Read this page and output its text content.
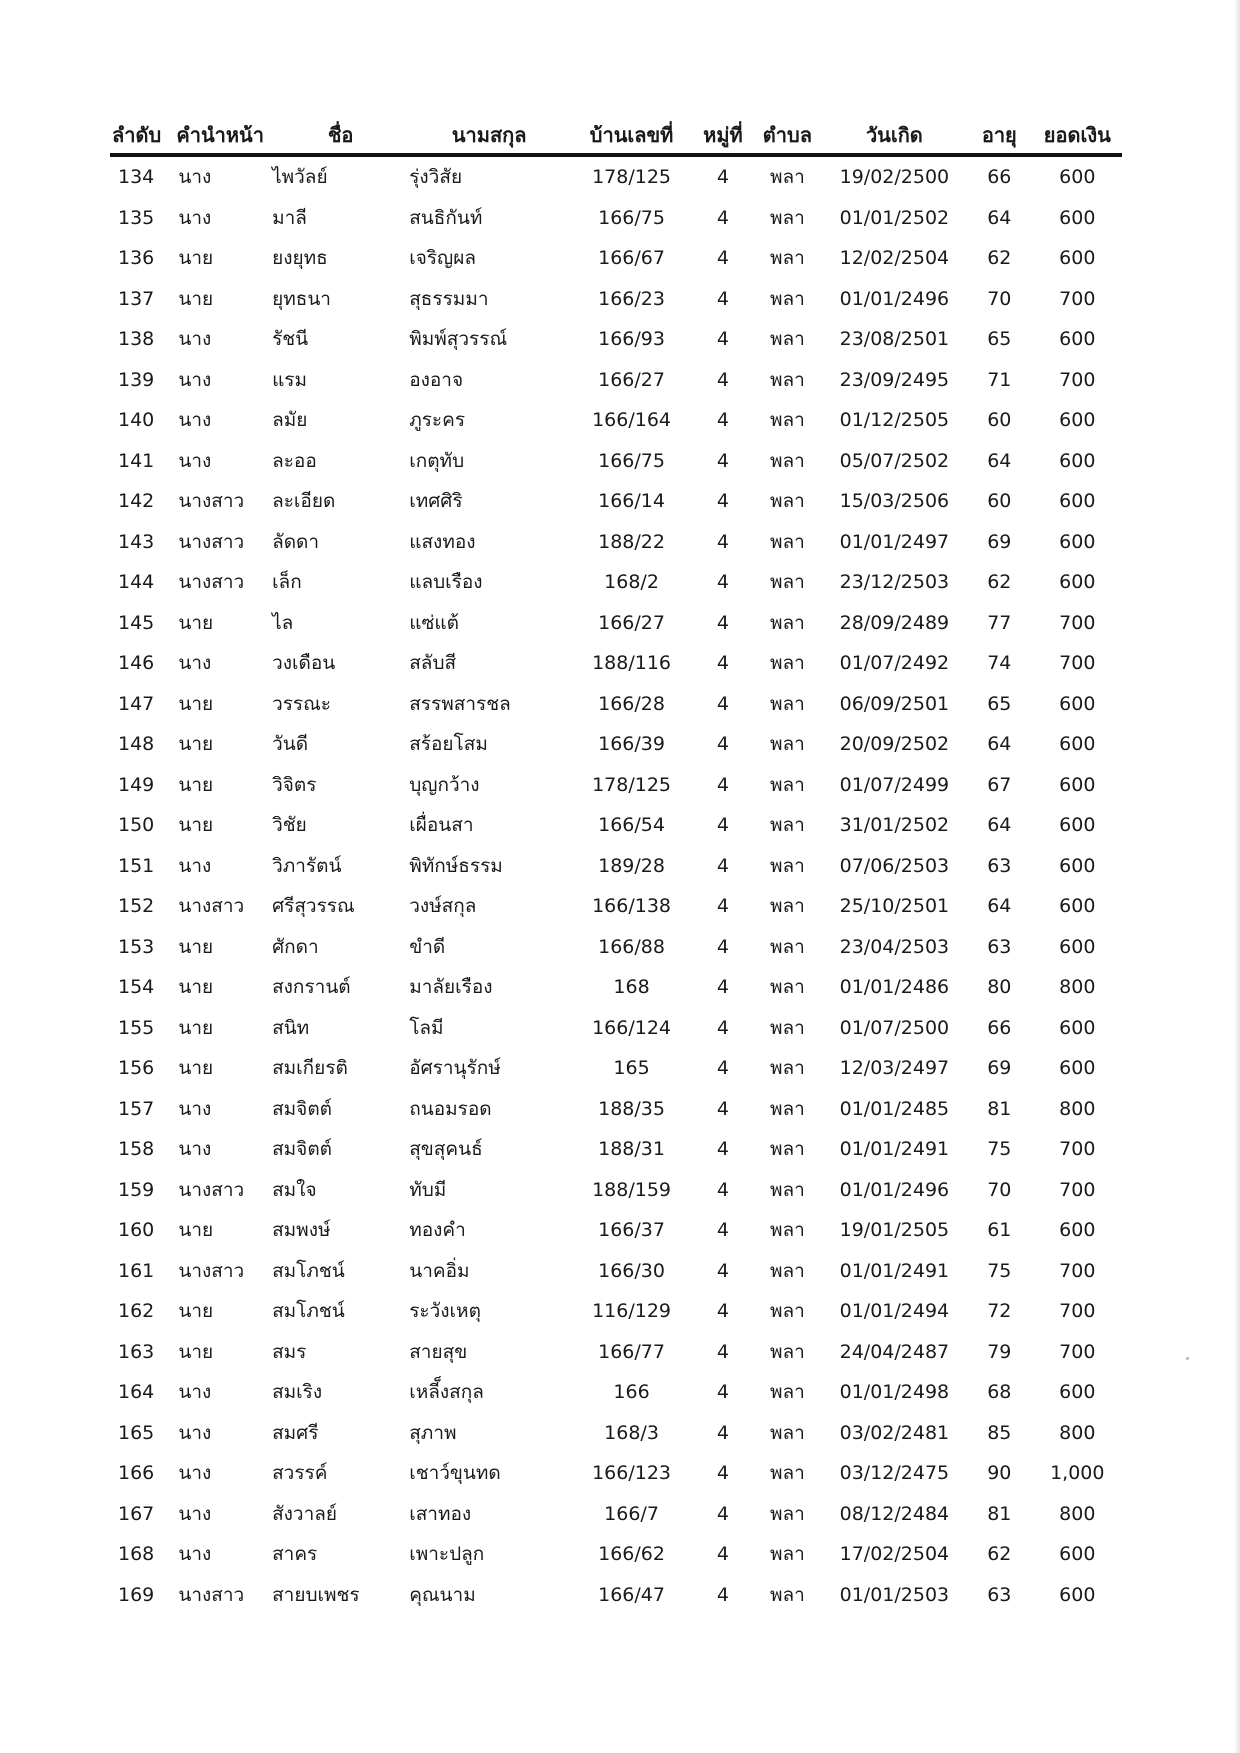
ลำดับ	คำนำหน้า	ชื่อ	นามสกุล	บ้านเลขที่	หมู่ที่	ตำบล	วันเกิด	อายุ	ยอดเงิน
134	นาง	ไพวัลย์	รุ่งวิสัย	178/125	4	พลา	19/02/2500	66	600
135	นาง	มาลี	สนธิกันท์	166/75	4	พลา	01/01/2502	64	600
136	นาย	ยงยุทธ	เจริญผล	166/67	4	พลา	12/02/2504	62	600
137	นาย	ยุทธนา	สุธรรมมา	166/23	4	พลา	01/01/2496	70	700
138	นาง	รัชนี	พิมพ์สุวรรณ์	166/93	4	พลา	23/08/2501	65	600
139	นาง	แรม	องอาจ	166/27	4	พลา	23/09/2495	71	700
140	นาง	ลมัย	ภูระคร	166/164	4	พลา	01/12/2505	60	600
141	นาง	ละออ	เกตุทับ	166/75	4	พลา	05/07/2502	64	600
142	นางสาว	ละเอียด	เทศศิริ	166/14	4	พลา	15/03/2506	60	600
143	นางสาว	ลัดดา	แสงทอง	188/22	4	พลา	01/01/2497	69	600
144	นางสาว	เล็ก	แลบเรือง	168/2	4	พลา	23/12/2503	62	600
145	นาย	ไล	แซ่แต้	166/27	4	พลา	28/09/2489	77	700
146	นาง	วงเดือน	สลับสี	188/116	4	พลา	01/07/2492	74	700
147	นาย	วรรณะ	สรรพสารชล	166/28	4	พลา	06/09/2501	65	600
148	นาย	วันดี	สร้อยโสม	166/39	4	พลา	20/09/2502	64	600
149	นาย	วิจิตร	บุญกว้าง	178/125	4	พลา	01/07/2499	67	600
150	นาย	วิชัย	เผื่อนสา	166/54	4	พลา	31/01/2502	64	600
151	นาง	วิภารัตน์	พิทักษ์ธรรม	189/28	4	พลา	07/06/2503	63	600
152	นางสาว	ศรีสุวรรณ	วงษ์สกุล	166/138	4	พลา	25/10/2501	64	600
153	นาย	ศักดา	ขำดี	166/88	4	พลา	23/04/2503	63	600
154	นาย	สงกรานต์	มาลัยเรือง	168	4	พลา	01/01/2486	80	800
155	นาย	สนิท	โลมี	166/124	4	พลา	01/07/2500	66	600
156	นาย	สมเกียรติ	อัศรานุรักษ์	165	4	พลา	12/03/2497	69	600
157	นาง	สมจิตต์	ถนอมรอด	188/35	4	พลา	01/01/2485	81	800
158	นาง	สมจิตต์	สุขสุคนธ์	188/31	4	พลา	01/01/2491	75	700
159	นางสาว	สมใจ	ทับมี	188/159	4	พลา	01/01/2496	70	700
160	นาย	สมพงษ์	ทองคำ	166/37	4	พลา	19/01/2505	61	600
161	นางสาว	สมโภชน์	นาคอิ่ม	166/30	4	พลา	01/01/2491	75	700
162	นาย	สมโภชน์	ระวังเหตุ	116/129	4	พลา	01/01/2494	72	700
163	นาย	สมร	สายสุข	166/77	4	พลา	24/04/2487	79	700
164	นาง	สมเริง	เหลี็งสกุล	166	4	พลา	01/01/2498	68	600
165	นาง	สมศรี	สุภาพ	168/3	4	พลา	03/02/2481	85	800
166	นาง	สวรรค์	เชาว์ขุนทด	166/123	4	พลา	03/12/2475	90	1,000
167	นาง	สังวาลย์	เสาทอง	166/7	4	พลา	08/12/2484	81	800
168	นาง	สาคร	เพาะปลูก	166/62	4	พลา	17/02/2504	62	600
169	นางสาว	สายบเพชร	คุณนาม	166/47	4	พลา	01/01/2503	63	600
